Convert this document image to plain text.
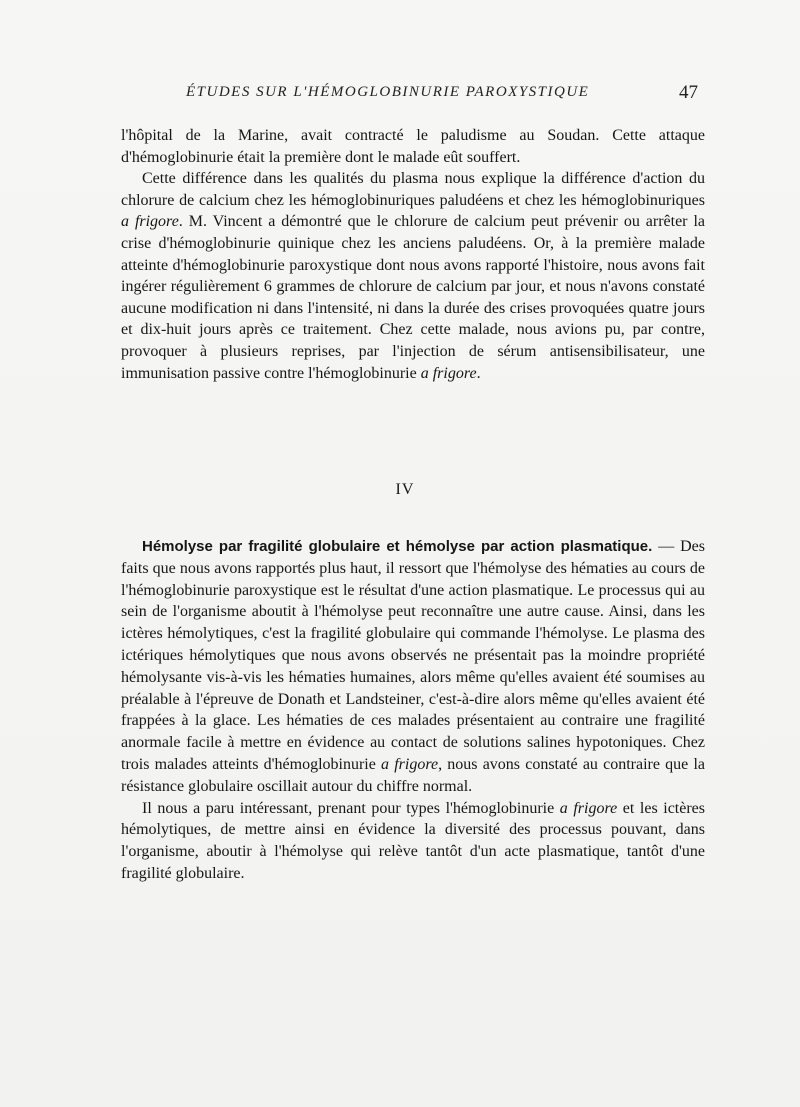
ÉTUDES SUR L'HÉMOGLOBINURIE PAROXYSTIQUE	47

l'hôpital de la Marine, avait contracté le paludisme au Soudan. Cette attaque d'hémoglobinurie était la première dont le malade eût souffert.

Cette différence dans les qualités du plasma nous explique la différence d'action du chlorure de calcium chez les hémoglobinuriques paludéens et chez les hémoglobinuriques a frigore. M. Vincent a démontré que le chlorure de calcium peut prévenir ou arrêter la crise d'hémoglobinurie quinique chez les anciens paludéens. Or, à la première malade atteinte d'hémoglobinurie paroxystique dont nous avons rapporté l'histoire, nous avons fait ingérer régulièrement 6 grammes de chlorure de calcium par jour, et nous n'avons constaté aucune modification ni dans l'intensité, ni dans la durée des crises provoquées quatre jours et dix-huit jours après ce traitement. Chez cette malade, nous avions pu, par contre, provoquer à plusieurs reprises, par l'injection de sérum antisensibilisateur, une immunisation passive contre l'hémoglobinurie a frigore.

IV

Hémolyse par fragilité globulaire et hémolyse par action plasmatique. — Des faits que nous avons rapportés plus haut, il ressort que l'hémolyse des hématies au cours de l'hémoglobinurie paroxystique est le résultat d'une action plasmatique. Le processus qui au sein de l'organisme aboutit à l'hémolyse peut reconnaître une autre cause. Ainsi, dans les ictères hémolytiques, c'est la fragilité globulaire qui commande l'hémolyse. Le plasma des ictériques hémolytiques que nous avons observés ne présentait pas la moindre propriété hémolysante vis-à-vis les hématies humaines, alors même qu'elles avaient été soumises au préalable à l'épreuve de Donath et Landsteiner, c'est-à-dire alors même qu'elles avaient été frappées à la glace. Les hématies de ces malades présentaient au contraire une fragilité anormale facile à mettre en évidence au contact de solutions salines hypotoniques. Chez trois malades atteints d'hémoglobinurie a frigore, nous avons constaté au contraire que la résistance globulaire oscillait autour du chiffre normal.

Il nous a paru intéressant, prenant pour types l'hémoglobinurie a frigore et les ictères hémolytiques, de mettre ainsi en évidence la diversité des processus pouvant, dans l'organisme, aboutir à l'hémolyse qui relève tantôt d'un acte plasmatique, tantôt d'une fragilité globulaire.
